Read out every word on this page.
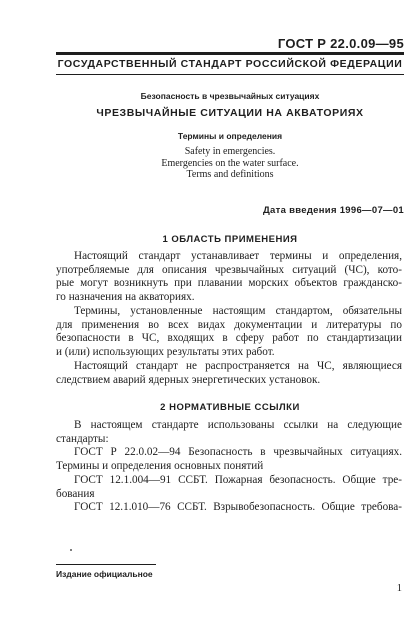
ГОСТ Р 22.0.09—95
ГОСУДАРСТВЕННЫЙ СТАНДАРТ РОССИЙСКОЙ ФЕДЕРАЦИИ
Безопасность в чрезвычайных ситуациях
ЧРЕЗВЫЧАЙНЫЕ СИТУАЦИИ НА АКВАТОРИЯХ
Термины и определения
Safety in emergencies.
Emergencies on the water surface.
Terms and definitions
Дата введения 1996—07—01
1 ОБЛАСТЬ ПРИМЕНЕНИЯ
Настоящий стандарт устанавливает термины и определения,
употребляемые для описания чрезвычайных ситуаций (ЧС), кото-
рые могут возникнуть при плавании морских объектов гражданско-
го назначения на акваториях.
Термины, установленные настоящим стандартом, обязательны
для применения во всех видах документации и литературы по
безопасности в ЧС, входящих в сферу работ по стандартизации
и (или) использующих результаты этих работ.
Настоящий стандарт не распространяется на ЧС, являющиеся
следствием аварий ядерных энергетических установок.
2 НОРМАТИВНЫЕ ССЫЛКИ
В настоящем стандарте использованы ссылки на следующие
стандарты:
ГОСТ Р 22.0.02—94 Безопасность в чрезвычайных ситуациях.
Термины и определения основных понятий
ГОСТ 12.1.004—91 ССБТ. Пожарная безопасность. Общие тре-
бования
ГОСТ 12.1.010—76 ССБТ. Взрывобезопасность. Общие требова-
Издание официальное
1
